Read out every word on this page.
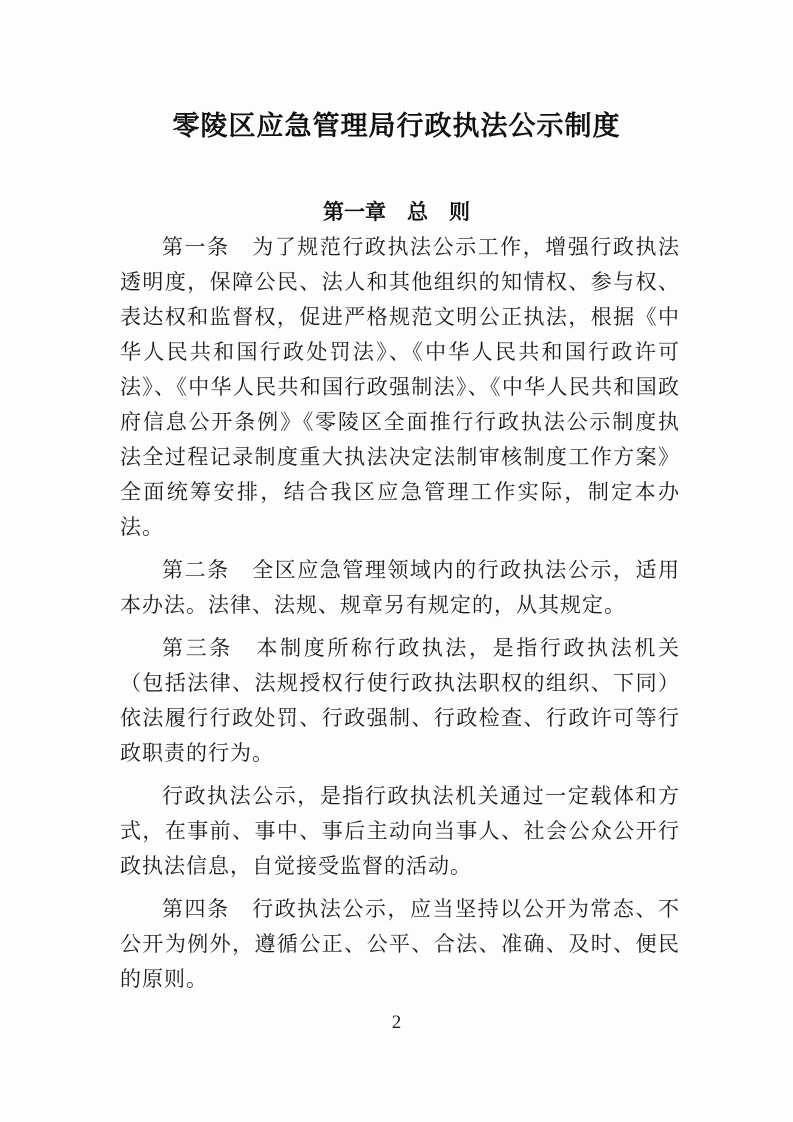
零陵区应急管理局行政执法公示制度
第一章　总　则

第一条　为了规范行政执法公示工作，增强行政执法透明度，保障公民、法人和其他组织的知情权、参与权、表达权和监督权，促进严格规范文明公正执法，根据《中华人民共和国行政处罚法》、《中华人民共和国行政许可法》、《中华人民共和国行政强制法》、《中华人民共和国政府信息公开条例》《零陵区全面推行行政执法公示制度执法全过程记录制度重大执法决定法制审核制度工作方案》全面统筹安排，结合我区应急管理工作实际，制定本办法。

第二条　全区应急管理领域内的行政执法公示，适用本办法。法律、法规、规章另有规定的，从其规定。

第三条　本制度所称行政执法，是指行政执法机关（包括法律、法规授权行使行政执法职权的组织、下同）依法履行行政处罚、行政强制、行政检查、行政许可等行政职责的行为。

行政执法公示，是指行政执法机关通过一定载体和方式，在事前、事中、事后主动向当事人、社会公众公开行政执法信息，自觉接受监督的活动。

第四条　行政执法公示，应当坚持以公开为常态、不公开为例外，遵循公正、公平、合法、准确、及时、便民的原则。

2
